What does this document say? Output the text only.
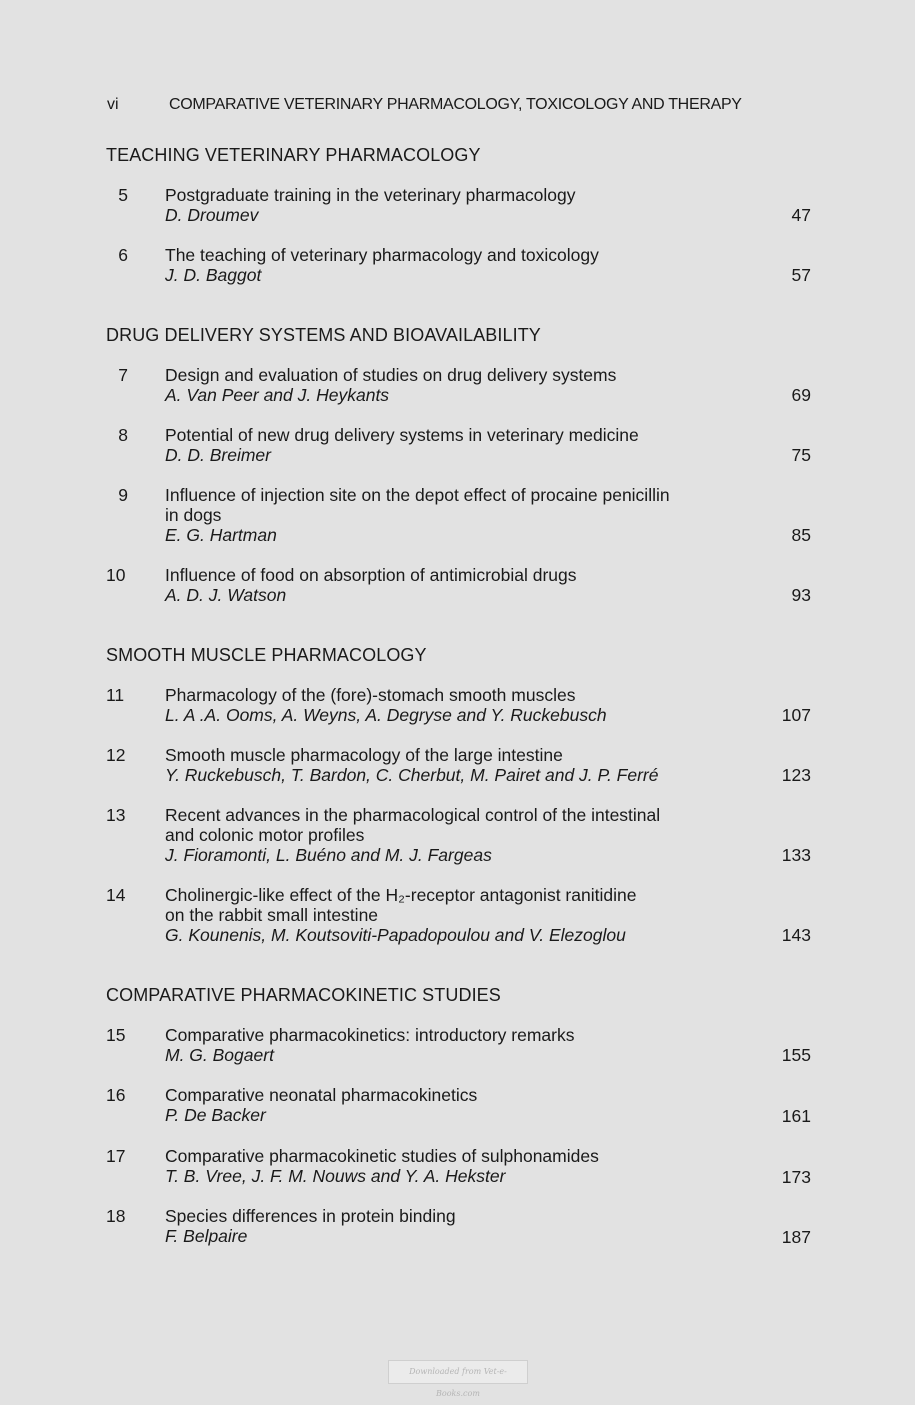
vi	COMPARATIVE VETERINARY PHARMACOLOGY, TOXICOLOGY AND THERAPY
TEACHING VETERINARY PHARMACOLOGY
5 Postgraduate training in the veterinary pharmacology
D. Droumev	47
6 The teaching of veterinary pharmacology and toxicology
J. D. Baggot	57
DRUG DELIVERY SYSTEMS AND BIOAVAILABILITY
7 Design and evaluation of studies on drug delivery systems
A. Van Peer and J. Heykants	69
8 Potential of new drug delivery systems in veterinary medicine
D. D. Breimer	75
9 Influence of injection site on the depot effect of procaine penicillin
in dogs
E. G. Hartman	85
10 Influence of food on absorption of antimicrobial drugs
A. D. J. Watson	93
SMOOTH MUSCLE PHARMACOLOGY
11 Pharmacology of the (fore)-stomach smooth muscles
L. A .A. Ooms, A. Weyns, A. Degryse and Y. Ruckebusch	107
12 Smooth muscle pharmacology of the large intestine
Y. Ruckebusch, T. Bardon, C. Cherbut, M. Pairet and J. P. Ferré	123
13 Recent advances in the pharmacological control of the intestinal
and colonic motor profiles
J. Fioramonti, L. Buéno and M. J. Fargeas	133
14 Cholinergic-like effect of the H₂-receptor antagonist ranitidine
on the rabbit small intestine
G. Kounenis, M. Koutsoviti-Papadopoulou and V. Elezoglou	143
COMPARATIVE PHARMACOKINETIC STUDIES
15 Comparative pharmacokinetics: introductory remarks
M. G. Bogaert	155
16 Comparative neonatal pharmacokinetics
P. De Backer	161
17 Comparative pharmacokinetic studies of sulphonamides
T. B. Vree, J. F. M. Nouws and Y. A. Hekster	173
18 Species differences in protein binding
F. Belpaire	187
Downloaded from Vet-e-Books.com
